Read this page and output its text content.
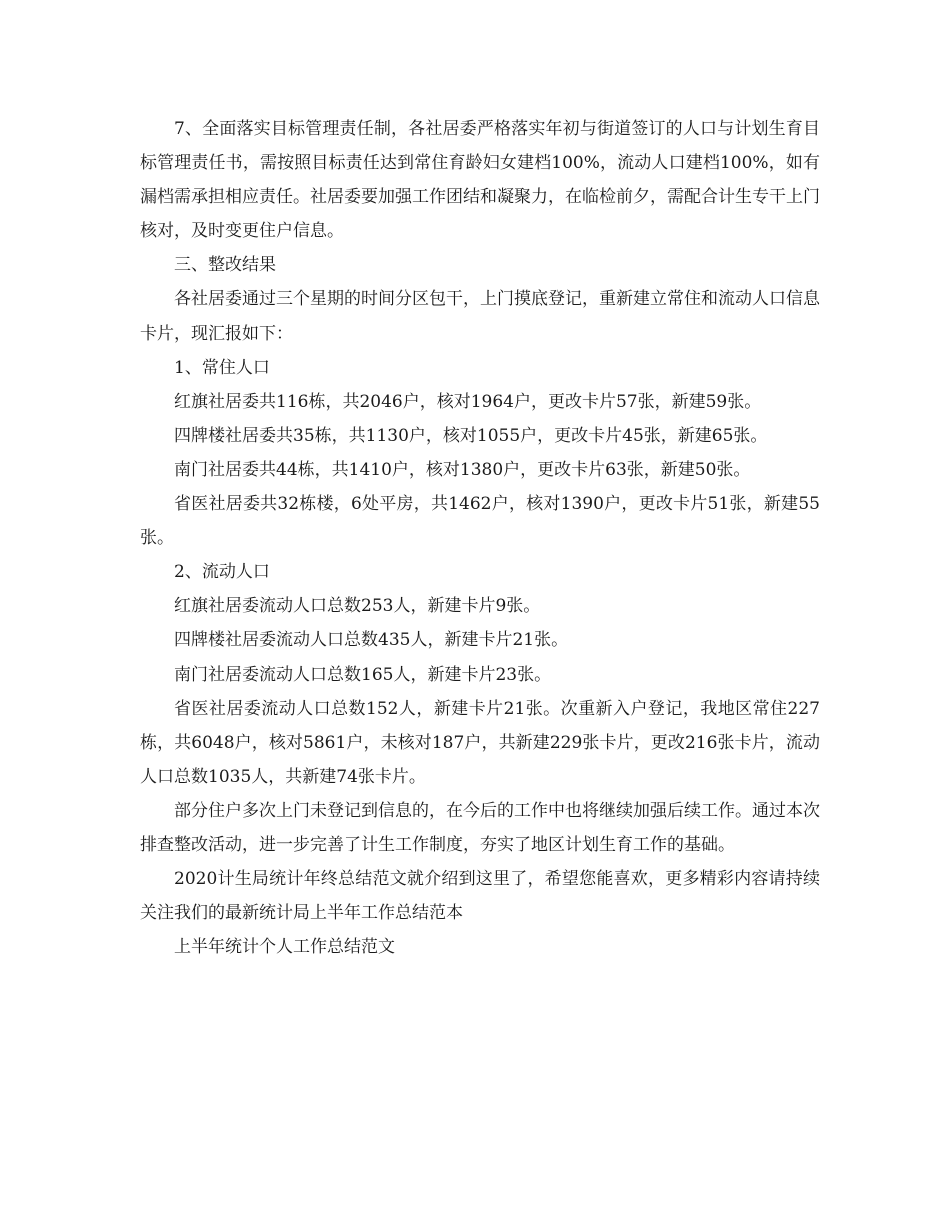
7、全面落实目标管理责任制，各社居委严格落实年初与街道签订的人口与计划生育目标管理责任书，需按照目标责任达到常住育龄妇女建档100%，流动人口建档100%，如有漏档需承担相应责任。社居委要加强工作团结和凝聚力，在临检前夕，需配合计生专干上门核对，及时变更住户信息。

三、整改结果

各社居委通过三个星期的时间分区包干，上门摸底登记，重新建立常住和流动人口信息卡片，现汇报如下：

1、常住人口

红旗社居委共116栋，共2046户，核对1964户，更改卡片57张，新建59张。

四牌楼社居委共35栋，共1130户，核对1055户，更改卡片45张，新建65张。

南门社居委共44栋，共1410户，核对1380户，更改卡片63张，新建50张。

省医社居委共32栋楼，6处平房，共1462户，核对1390户，更改卡片51张，新建55张。

2、流动人口

红旗社居委流动人口总数253人，新建卡片9张。

四牌楼社居委流动人口总数435人，新建卡片21张。

南门社居委流动人口总数165人，新建卡片23张。

省医社居委流动人口总数152人，新建卡片21张。次重新入户登记，我地区常住227栋，共6048户，核对5861户，未核对187户，共新建229张卡片，更改216张卡片，流动人口总数1035人，共新建74张卡片。

部分住户多次上门未登记到信息的，在今后的工作中也将继续加强后续工作。通过本次排查整改活动，进一步完善了计生工作制度，夯实了地区计划生育工作的基础。

2020计生局统计年终总结范文就介绍到这里了，希望您能喜欢，更多精彩内容请持续关注我们的最新统计局上半年工作总结范本

上半年统计个人工作总结范文
